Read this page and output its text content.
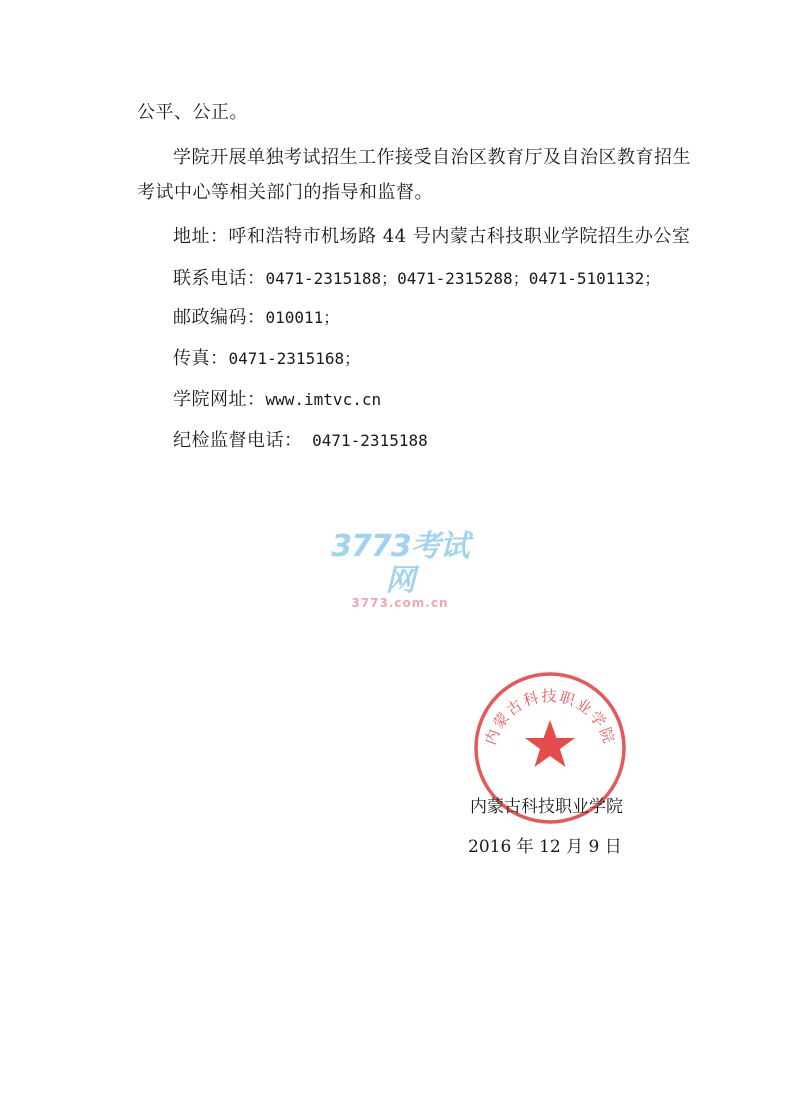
公平、公正。
学院开展单独考试招生工作接受自治区教育厅及自治区教育招生
考试中心等相关部门的指导和监督。
地址：呼和浩特市机场路 44 号内蒙古科技职业学院招生办公室
联系电话：0471-2315188；0471-2315288；0471-5101132；
邮政编码：010011；
传真：0471-2315168；
学院网址：www.imtvc.cn
纪检监督电话： 0471-2315188
3773考试网
3773.com.cn
内蒙古科技职业学院
内蒙古科技职业学院
2016 年 12 月 9 日
